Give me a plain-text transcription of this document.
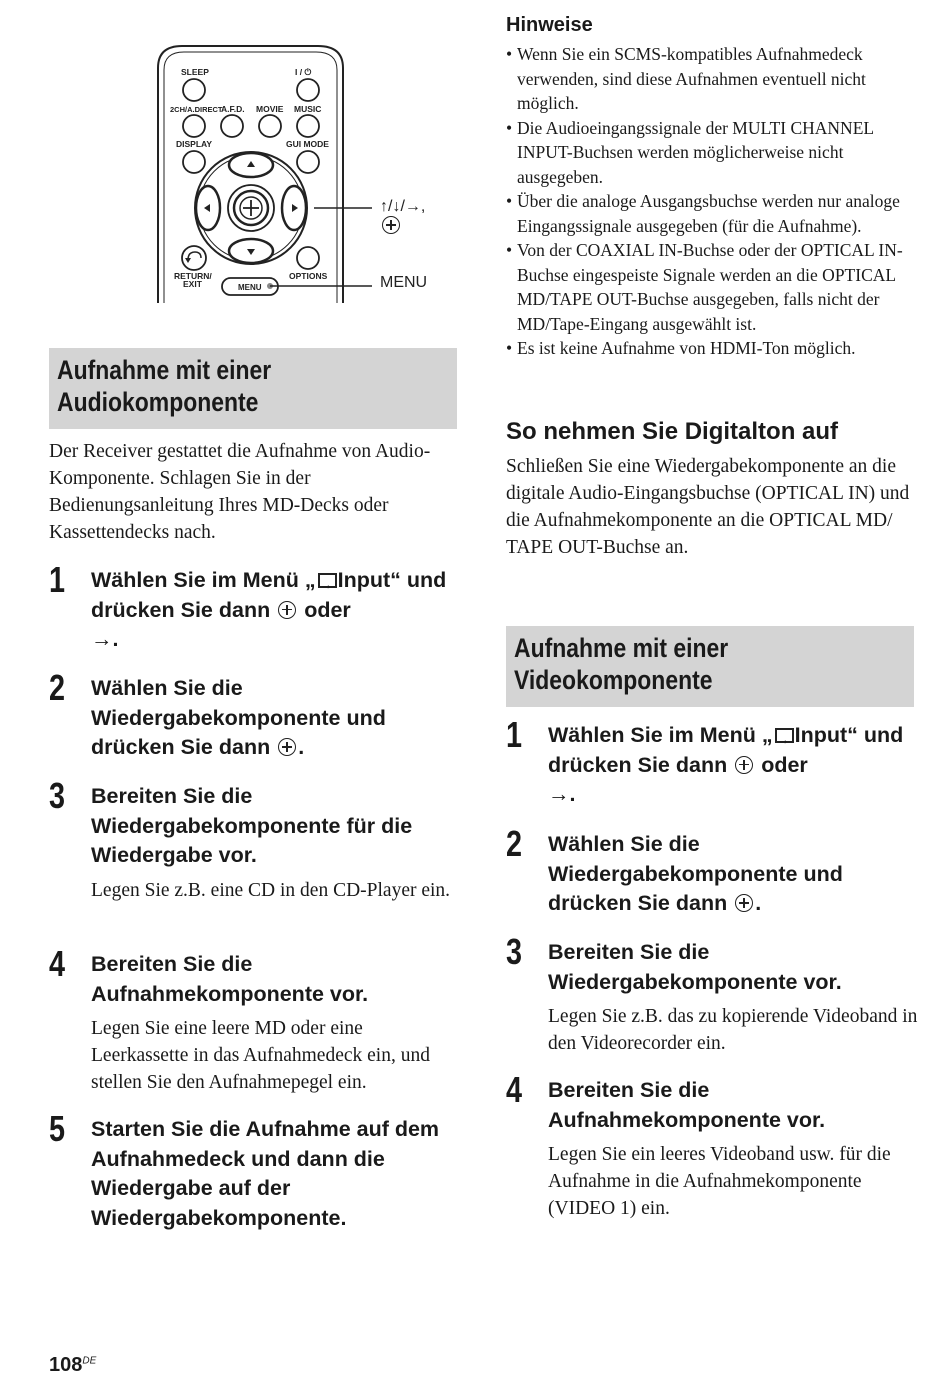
SLEEP	I / ⏻
2CH/A.DIRECT
A.F.D. MOVIE MUSIC
DISPLAY	GUI MODE
RETURN/
EXIT
OPTIONS
MENU
↑/↓/→,

MENU
Aufnahme mit einer
Audiokomponente

Der Receiver gestattet die Aufnahme von Audio-Komponente. Schlagen Sie in der Bedienungsanleitung Ihres MD-Decks oder Kassettendecks nach.

1 Wählen Sie im Menü „ → Input“ und drücken Sie dann oder
→.

2 Wählen Sie die Wiedergabekomponente und drücken Sie dann .

3 Bereiten Sie die Wiedergabekomponente für die Wiedergabe vor.

Legen Sie z.B. eine CD in den CD-Player ein.

4 Bereiten Sie die Aufnahmekomponente vor.

Legen Sie eine leere MD oder eine Leerkassette in das Aufnahmedeck ein, und stellen Sie den Aufnahmepegel ein.

5 Starten Sie die Aufnahme auf dem Aufnahmedeck und dann die Wiedergabe auf der Wiedergabekomponente.

Hinweise
• Wenn Sie ein SCMS-kompatibles Aufnahmedeck verwenden, sind diese Aufnahmen eventuell nicht möglich.
• Die Audioeingangssignale der MULTI CHANNEL INPUT-Buchsen werden möglicherweise nicht ausgegeben.
• Über die analoge Ausgangsbuchse werden nur analoge Eingangssignale ausgegeben (für die Aufnahme).
• Von der COAXIAL IN-Buchse oder der OPTICAL IN-Buchse eingespeiste Signale werden an die OPTICAL MD/TAPE OUT-Buchse ausgegeben, falls nicht der MD/Tape-Eingang ausgewählt ist.
• Es ist keine Aufnahme von HDMI-Ton möglich.
So nehmen Sie Digitalton auf

Schließen Sie eine Wiedergabekomponente an die digitale Audio-Eingangsbuchse (OPTICAL IN) und die Aufnahmekomponente an die OPTICAL MD/ TAPE OUT-Buchse an.

Aufnahme mit einer
Videokomponente
1 Wählen Sie im Menü „ → Input“ und drücken Sie dann oder
→.

2 Wählen Sie die Wiedergabekomponente und drücken Sie dann .

3 Bereiten Sie die Wiedergabekomponente vor.

Legen Sie z.B. das zu kopierende Videoband in den Videorecorder ein.

4 Bereiten Sie die Aufnahmekomponente vor.

Legen Sie ein leeres Videoband usw. für die Aufnahme in die Aufnahmekomponente (VIDEO 1) ein.

108DE
